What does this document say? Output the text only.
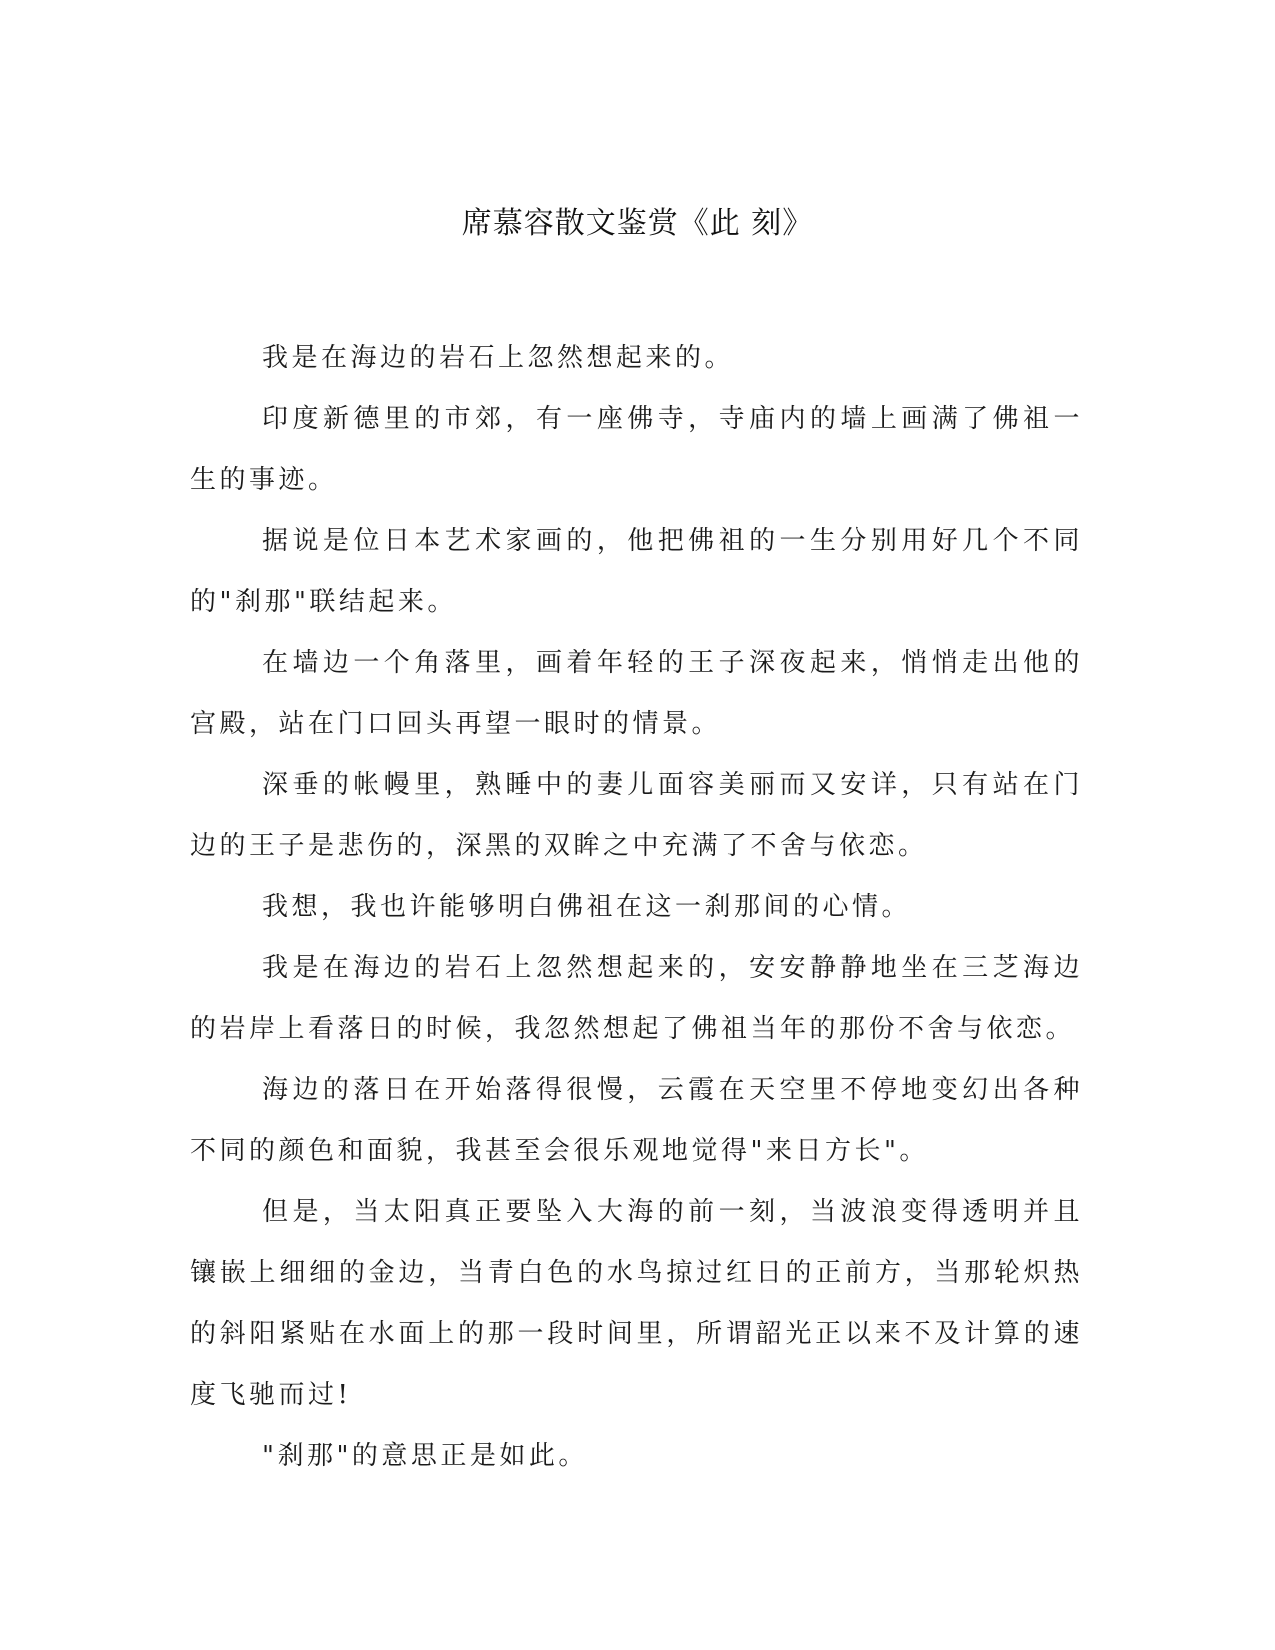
席慕容散文鉴赏《此 刻》

我是在海边的岩石上忽然想起来的。

印度新德里的市郊，有一座佛寺，寺庙内的墙上画满了佛祖一生的事迹。

据说是位日本艺术家画的，他把佛祖的一生分别用好几个不同的"刹那"联结起来。

在墙边一个角落里，画着年轻的王子深夜起来，悄悄走出他的宫殿，站在门口回头再望一眼时的情景。

深垂的帐幔里，熟睡中的妻儿面容美丽而又安详，只有站在门边的王子是悲伤的，深黑的双眸之中充满了不舍与依恋。

我想，我也许能够明白佛祖在这一刹那间的心情。

我是在海边的岩石上忽然想起来的，安安静静地坐在三芝海边的岩岸上看落日的时候，我忽然想起了佛祖当年的那份不舍与依恋。

海边的落日在开始落得很慢，云霞在天空里不停地变幻出各种不同的颜色和面貌，我甚至会很乐观地觉得"来日方长"。

但是，当太阳真正要坠入大海的前一刻，当波浪变得透明并且镶嵌上细细的金边，当青白色的水鸟掠过红日的正前方，当那轮炽热的斜阳紧贴在水面上的那一段时间里，所谓韶光正以来不及计算的速度飞驰而过!

"刹那"的意思正是如此。
